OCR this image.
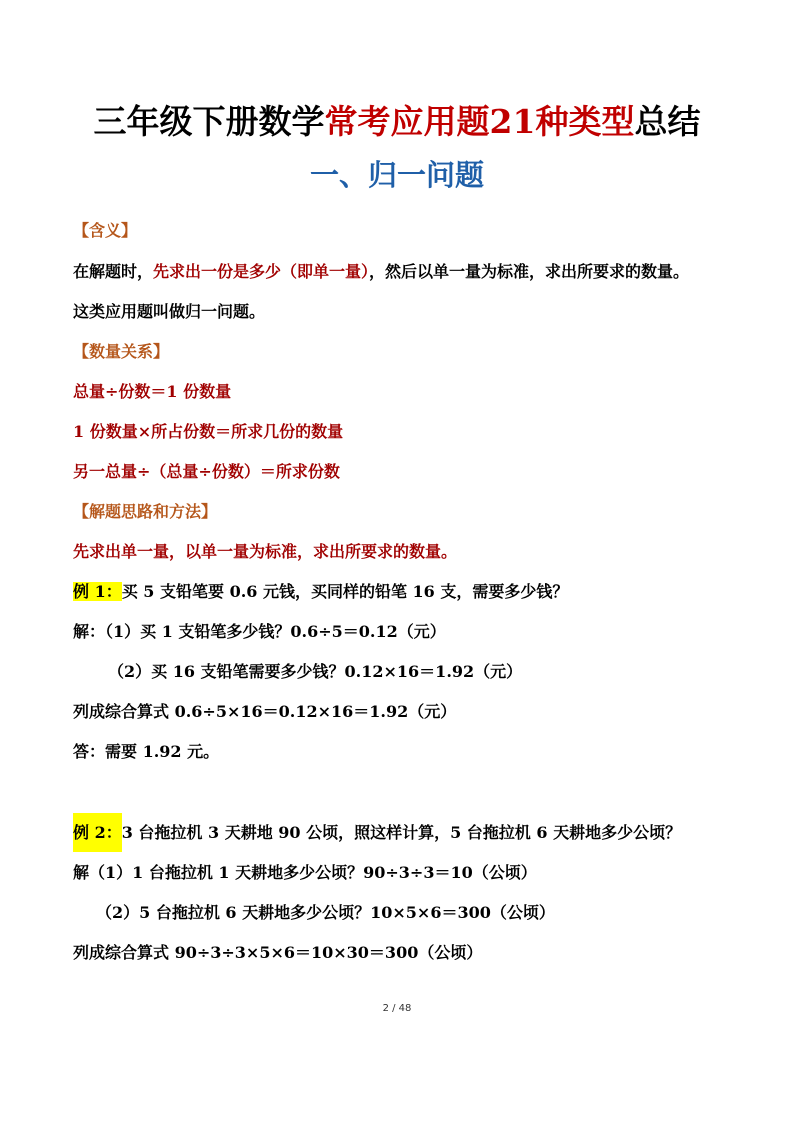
三年级下册数学常考应用题21种类型总结
一、归一问题
【含义】
在解题时，先求出一份是多少（即单一量），然后以单一量为标准，求出所要求的数量。
这类应用题叫做归一问题。
【数量关系】
总量÷份数＝1 份数量
1 份数量×所占份数＝所求几份的数量
另一总量÷（总量÷份数）＝所求份数
【解题思路和方法】
先求出单一量，以单一量为标准，求出所要求的数量。
例 1：买 5 支铅笔要 0.6 元钱，买同样的铅笔 16 支，需要多少钱？
解：（1）买 1 支铅笔多少钱？0.6÷5＝0.12（元）
（2）买 16 支铅笔需要多少钱？0.12×16＝1.92（元）
列成综合算式 0.6÷5×16＝0.12×16＝1.92（元）
答：需要 1.92 元。
例 2：3 台拖拉机 3 天耕地 90 公顷，照这样计算，5 台拖拉机 6 天耕地多少公顷？
解（1）1 台拖拉机 1 天耕地多少公顷？90÷3÷3＝10（公顷）
（2）5 台拖拉机 6 天耕地多少公顷？10×5×6＝300（公顷）
列成综合算式 90÷3÷3×5×6＝10×30＝300（公顷）
2 / 48
